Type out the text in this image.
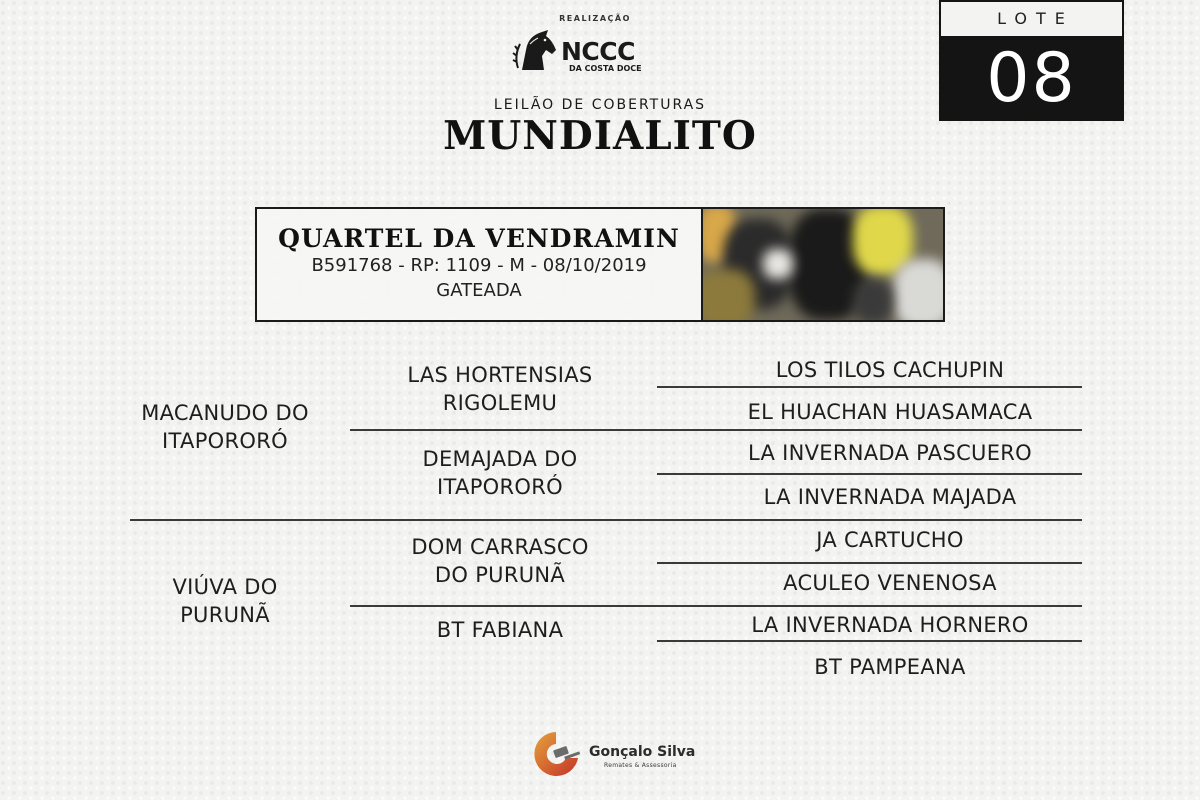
REALIZAÇÃO
NCCC
DA COSTA DOCE
LEILÃO DE COBERTURAS
MUNDIALITO
LOTE
08
QUARTEL DA VENDRAMIN
B591768 - RP: 1109 - M - 08/10/2019
GATEADA
MACANUDO DO
ITAPORORÓ
VIÚVA DO
PURUNÃ
LAS HORTENSIAS
RIGOLEMU
DEMAJADA DO
ITAPORORÓ
DOM CARRASCO
DO PURUNÃ
BT FABIANA
LOS TILOS CACHUPIN
EL HUACHAN HUASAMACA
LA INVERNADA PASCUERO
LA INVERNADA MAJADA
JA CARTUCHO
ACULEO VENENOSA
LA INVERNADA HORNERO
BT PAMPEANA
Gonçalo Silva
Remates & Assessoria
